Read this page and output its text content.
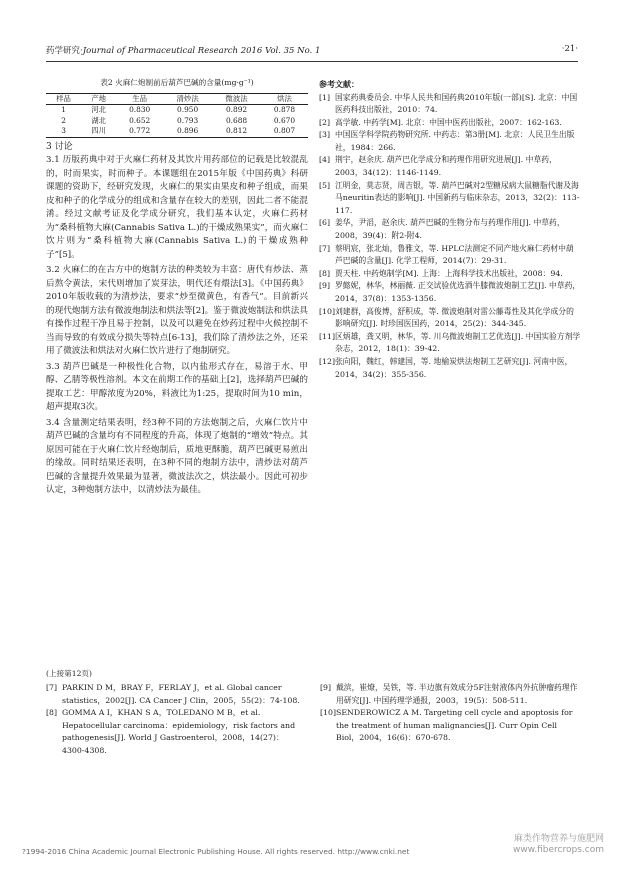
药学研究·Journal of Pharmaceutical Research 2016 Vol. 35 No. 1	·21·
表2 火麻仁炮制前后葫芦巴碱的含量(mg·g⁻¹)
样品	产地	生品	清炒法	微波法	烘法
1	河北	0.830	0.950	0.892	0.878
2	湖北	0.652	0.793	0.688	0.670
3	四川	0.772	0.896	0.812	0.807
3 讨论

3.1 历版药典中对于火麻仁药材及其饮片用药部位的记载是比较混乱的，时而果实，时而种子。本课题组在2015年版《中国药典》科研课题的资助下，经研究发现，火麻仁的果实由果皮和种子组成，而果皮和种子的化学成分的组成和含量存在较大的差别，因此二者不能混淆。经过文献考证及化学成分研究，我们基本认定，火麻仁药材为“桑科植物大麻(Cannabis Sativa L.)的干燥成熟果实”，而火麻仁饮片则为“桑科植物大麻(Cannabis Sativa L.)的干燥成熟种子”[5]。

3.2 火麻仁的在古方中的炮制方法的种类较为丰富：唐代有炒法、蒸后熬令黄法，宋代则增加了炭芽法，明代还有煨法[3]。《中国药典》2010年版收载的为清炒法，要求“炒至微黄色，有香气”。目前新兴的现代炮制方法有微波炮制法和烘法等[2]。鉴于微波炮制法和烘法具有操作过程干净且易于控制，以及可以避免在炒药过程中火候控制不当而导致的有效成分损失等特点[6-13]，我们除了清炒法之外，还采用了微波法和烘法对火麻仁饮片进行了炮制研究。

3.3 葫芦巴碱是一种极性化合物，以内盐形式存在，易溶于水、甲醇、乙腈等极性溶剂。本文在前期工作的基础上[2]，选择葫芦巴碱的提取工艺：甲醇浓度为20%，料液比为1:25，提取时间为10 min，超声提取3次。

3.4 含量测定结果表明，经3种不同的方法炮制之后，火麻仁饮片中葫芦巴碱的含量均有不同程度的升高，体现了炮制的“增效”特点。其原因可能在于火麻仁饮片经炮制后，质地更酥脆，葫芦巴碱更易煎出的缘故。同时结果还表明，在3种不同的炮制方法中，清炒法对葫芦巴碱的含量提升效果最为显著，微波法次之，烘法最小。因此可初步认定，3种炮制方法中，以清炒法为最佳。

参考文献：
[1] 国家药典委员会. 中华人民共和国药典2010年版(一部)[S]. 北京：中国医药科技出版社，2010：74.
[2] 高学敏. 中药学[M]. 北京：中国中医药出版社，2007：162-163.
[3] 中国医学科学院药物研究所. 中药志：第3册[M]. 北京：人民卫生出版社，1984：266.
[4] 荆宇，赵余庆. 葫芦巴化学成分和药理作用研究进展[J]. 中草药，2003，34(12)：1146-1149.
[5] 江明金，莫志贤，周吉银，等. 葫芦巴碱对2型糖尿病大鼠糖脂代谢及海马neuritin表达的影响[J]. 中国新药与临床杂志，2013，32(2)：113-117.
[6] 姜华，尹滔，赵余庆. 葫芦巴碱的生物分布与药理作用[J]. 中草药，2008，39(4)：附2-附4.
[7] 蔡明宸，张北灿，鲁雅文，等. HPLC法测定不同产地火麻仁药材中葫芦巴碱的含量[J]. 化学工程师，2014(7)：29-31.
[8] 贾天柱. 中药炮制学[M]. 上海：上海科学技术出版社，2008：94.
[9] 罗懿妮，林华，林丽薇. 正交试验优选酒牛膝微波炮制工艺[J]. 中草药，2014，37(8)：1353-1356.
[10] 刘建群，高俊博，舒积成，等. 微波炮制对雷公藤毒性及其化学成分的影响研究[J]. 时珍国医国药，2014，25(2)：344-345.
[11] 区炳雄，龚又明，林华，等. 川乌微波炮制工艺优选[J]. 中国实验方剂学杂志，2012，18(1)：39-42.
[12] 张向阳，魏红，韩建国，等. 地榆炭烘法炮制工艺研究[J]. 河南中医，2014，34(2)：355-356.
(上接第12页)
[7] PARKIN D M，BRAY F，FERLAY J，et al. Global cancer statistics，2002[J]. CA Cancer J Clin，2005，55(2)：74-108.
[8] GOMMA A I，KHAN S A，TOLEDANO M B，et al. Hepatocellular carcinoma：epidemiology，risk factors and pathogenesis[J]. World J Gastroenterol，2008，14(27)：4300-4308.
[9] 戴滨，崔燎，吴铁，等. 半边旗有效成分5F注射液体内外抗肿瘤药理作用研究[J]. 中国药理学通报，2003，19(5)：508-511.
[10] SENDEROWICZ A M. Targeting cell cycle and apoptosis for the treatment of human malignancies[J]. Curr Opin Cell Biol，2004，16(6)：670-678.
?1994-2016 China Academic Journal Electronic Publishing House. All rights reserved. http://www.cnki.net
麻类作物营养与施肥网
www.fibercrops.com
